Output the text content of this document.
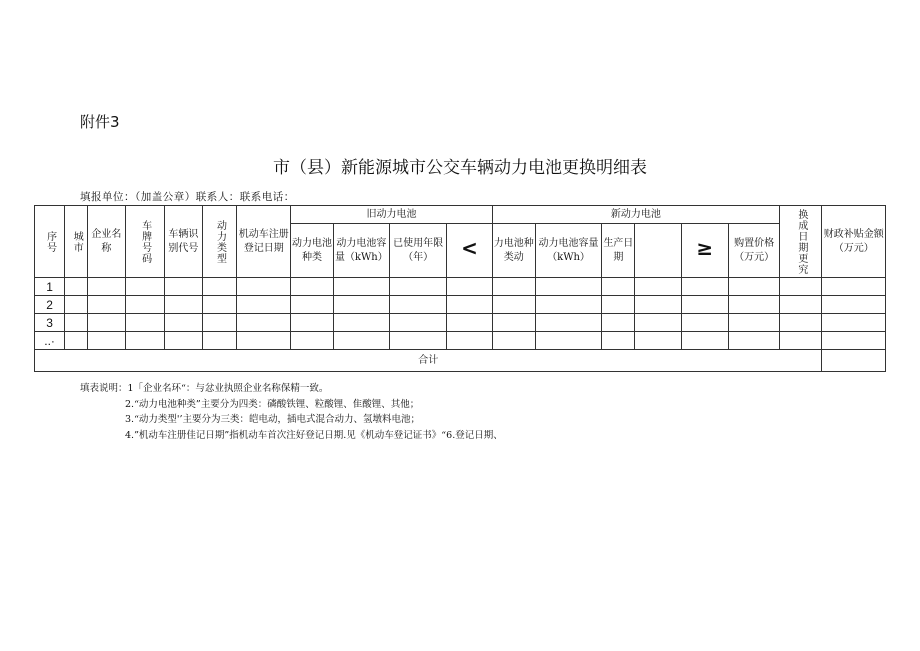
附件3
市（县）新能源城市公交车辆动力电池更换明细表
填报单位：（加盖公章）联系人：联系电话：
序号	城市	企业名称	车牌号码	车辆识别代号	动力类型	机动车注册登记日期	旧动力电池				新动力电池						换成日期更究	财政补贴金额（万元）
							动力电池种类	动力电池容量（kWh）	已使用年限（年）	<	力电池种类动	动力电池容量（kWh）	生产日期		≥	购置价格（万元）		
1																		
2																		
3																		
..·																		
合计																		
填表说明：1「企业名环“：与忿业执照企业名称保精一致。
2.“动力电池种类”主要分为四类：磷酸铁锂、粒酸锂、隹酸锂、其他；
3.“动力类型'’主要分为三类：皑电动，插电式混合动力、氢墩料电池；
4.”机动车注册佳记日期”指机动车首次注好登记日期.见《机动车登记证书》“6.登记日期、
